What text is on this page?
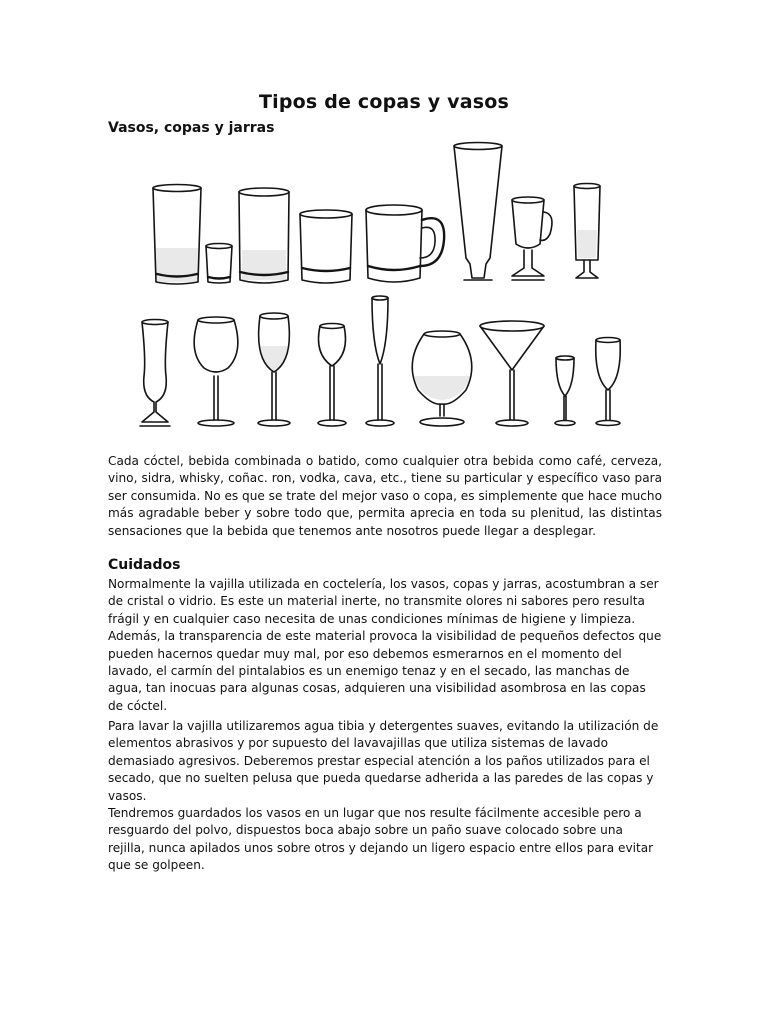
Tipos de copas y vasos
Vasos, copas y jarras

Cada cóctel, bebida combinada o batido, como cualquier otra bebida como café, cerveza, vino, sidra, whisky, coñac. ron, vodka, cava, etc., tiene su particular y específico vaso para ser consumida. No es que se trate del mejor vaso o copa, es simplemente que hace mucho más agradable beber y sobre todo que, permita aprecia en toda su plenitud, las distintas sensaciones que la bebida que tenemos ante nosotros puede llegar a desplegar.

Cuidados

Normalmente la vajilla utilizada en coctelería, los vasos, copas y jarras, acostumbran a ser de cristal o vidrio. Es este un material inerte, no transmite olores ni sabores pero resulta frágil y en cualquier caso necesita de unas condiciones mínimas de higiene y limpieza. Además, la transparencia de este material provoca la visibilidad de pequeños defectos que pueden hacernos quedar muy mal, por eso debemos esmerarnos en el momento del lavado, el carmín del pintalabios es un enemigo tenaz y en el secado, las manchas de agua, tan inocuas para algunas cosas, adquieren una visibilidad asombrosa en las copas de cóctel.

Para lavar la vajilla utilizaremos agua tibia y detergentes suaves, evitando la utilización de elementos abrasivos y por supuesto del lavavajillas que utiliza sistemas de lavado demasiado agresivos. Deberemos prestar especial atención a los paños utilizados para el secado, que no suelten pelusa que pueda quedarse adherida a las paredes de las copas y vasos.

Tendremos guardados los vasos en un lugar que nos resulte fácilmente accesible pero a resguardo del polvo, dispuestos boca abajo sobre un paño suave colocado sobre una rejilla, nunca apilados unos sobre otros y dejando un ligero espacio entre ellos para evitar que se golpeen.
